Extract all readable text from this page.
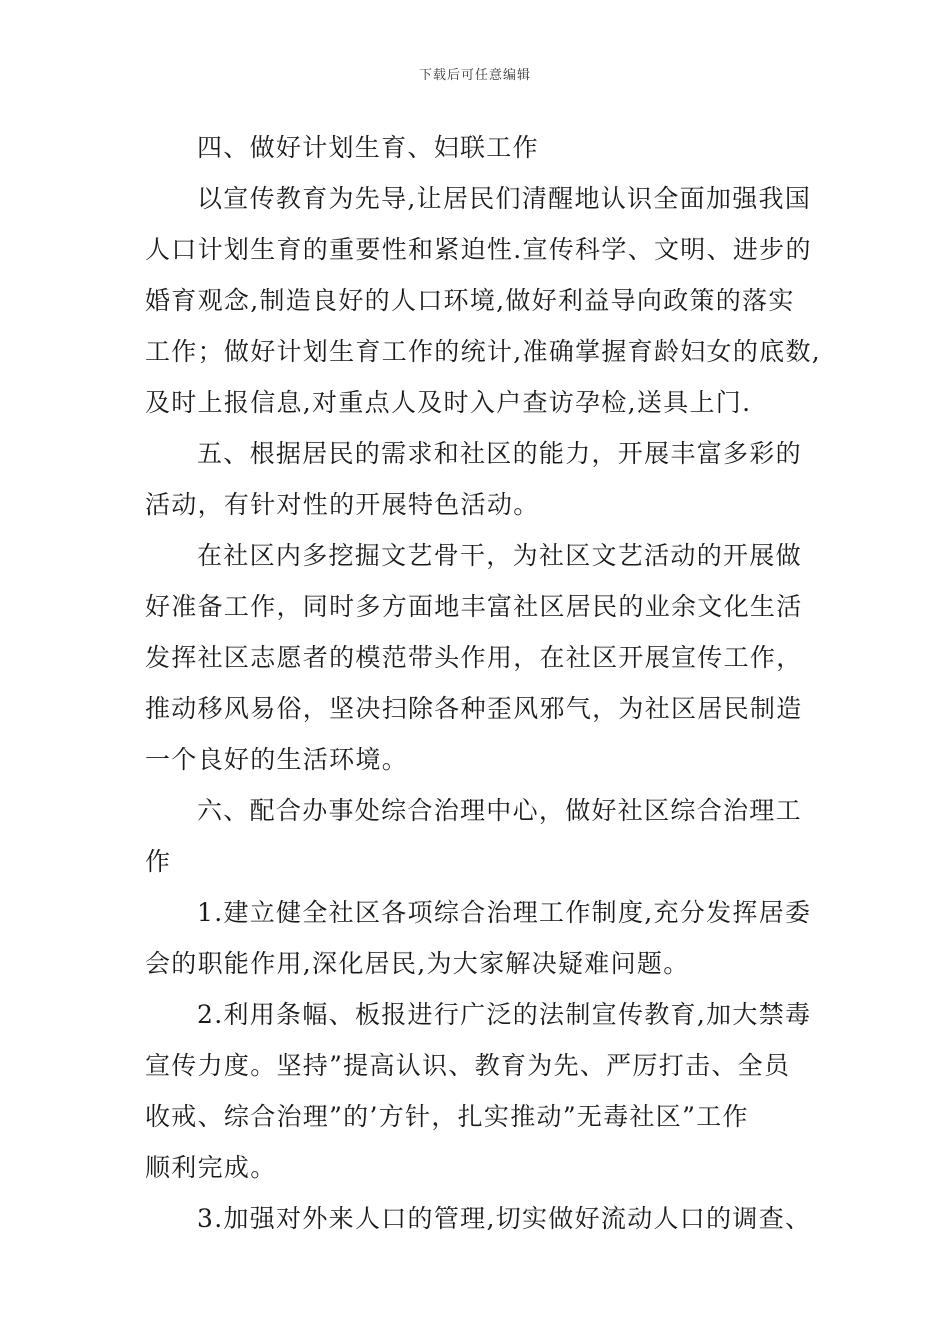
下载后可任意编辑
四、做好计划生育、妇联工作
以宣传教育为先导,让居民们清醒地认识全面加强我国
人口计划生育的重要性和紧迫性.宣传科学、文明、进步的
婚育观念,制造良好的人口环境,做好利益导向政策的落实
工作；做好计划生育工作的统计,准确掌握育龄妇女的底数,
及时上报信息,对重点人及时入户查访孕检,送具上门.
五、根据居民的需求和社区的能力，开展丰富多彩的
活动，有针对性的开展特色活动。
在社区内多挖掘文艺骨干，为社区文艺活动的开展做
好准备工作，同时多方面地丰富社区居民的业余文化生活
发挥社区志愿者的模范带头作用，在社区开展宣传工作，
推动移风易俗，坚决扫除各种歪风邪气，为社区居民制造
一个良好的生活环境。
六、配合办事处综合治理中心，做好社区综合治理工
作
1.建立健全社区各项综合治理工作制度,充分发挥居委
会的职能作用,深化居民,为大家解决疑难问题。
2.利用条幅、板报进行广泛的法制宣传教育,加大禁毒
宣传力度。坚持”提高认识、教育为先、严厉打击、全员
收戒、综合治理”的’方针，扎实推动”无毒社区”工作
顺利完成。
3.加强对外来人口的管理,切实做好流动人口的调查、
